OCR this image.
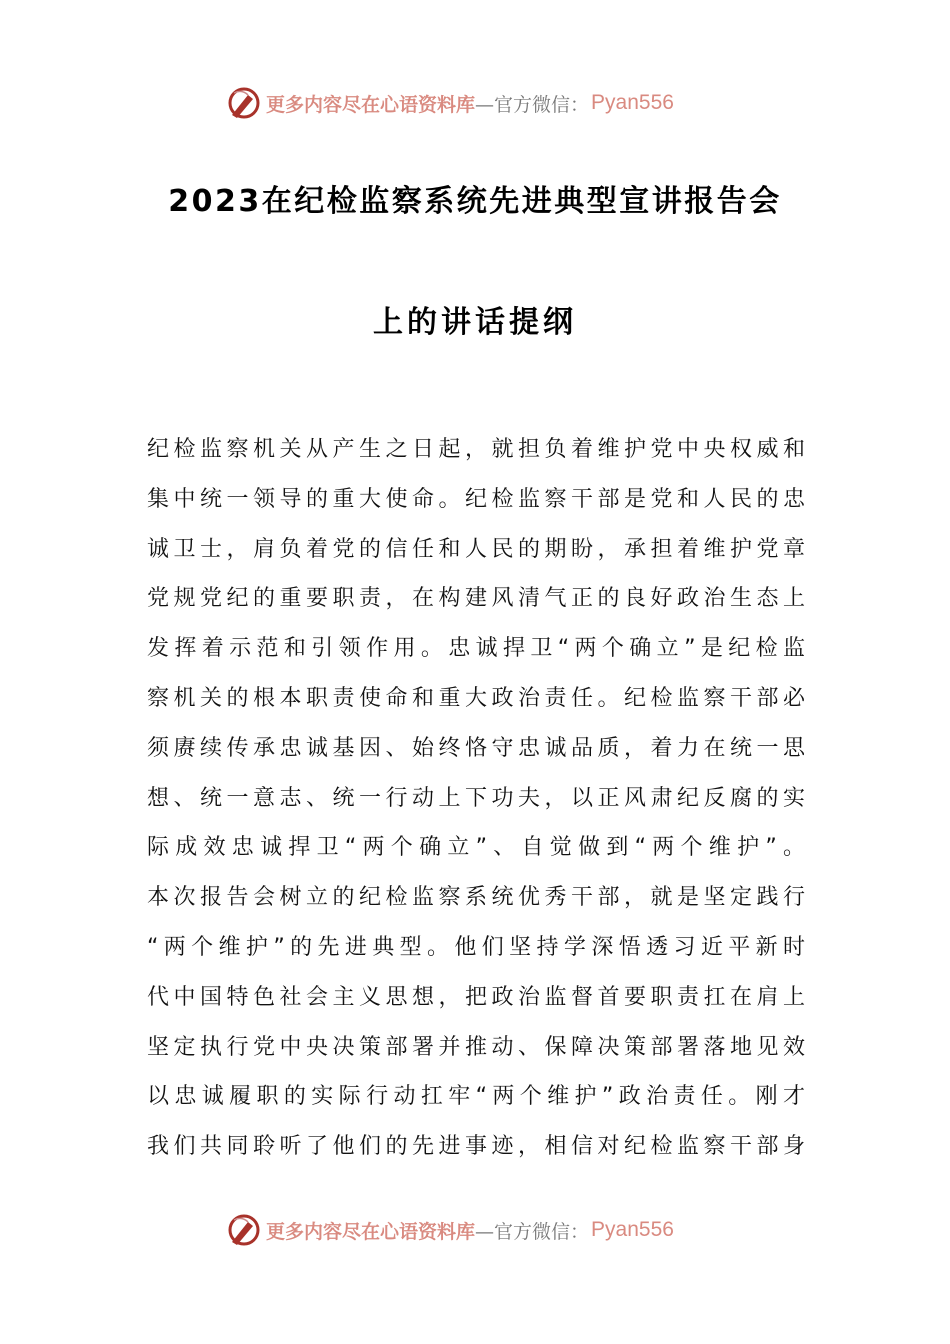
更多内容尽在心语资料库 —官方微信： Pyan556
2023在纪检监察系统先进典型宣讲报告会
上的讲话提纲
纪检监察机关从产生之日起，就担负着维护党中央权威和
集中统一领导的重大使命。纪检监察干部是党和人民的忠
诚卫士，肩负着党的信任和人民的期盼，承担着维护党章
党规党纪的重要职责，在构建风清气正的良好政治生态上
发挥着示范和引领作用。忠诚捍卫“两个确立”是纪检监
察机关的根本职责使命和重大政治责任。纪检监察干部必
须赓续传承忠诚基因、始终恪守忠诚品质，着力在统一思
想、统一意志、统一行动上下功夫，以正风肃纪反腐的实
际成效忠诚捍卫“两个确立”、自觉做到“两个维护”。
本次报告会树立的纪检监察系统优秀干部，就是坚定践行
“两个维护”的先进典型。他们坚持学深悟透习近平新时
代中国特色社会主义思想，把政治监督首要职责扛在肩上
坚定执行党中央决策部署并推动、保障决策部署落地见效
以忠诚履职的实际行动扛牢“两个维护”政治责任。刚才
我们共同聆听了他们的先进事迹，相信对纪检监察干部身
更多内容尽在心语资料库 —官方微信： Pyan556
